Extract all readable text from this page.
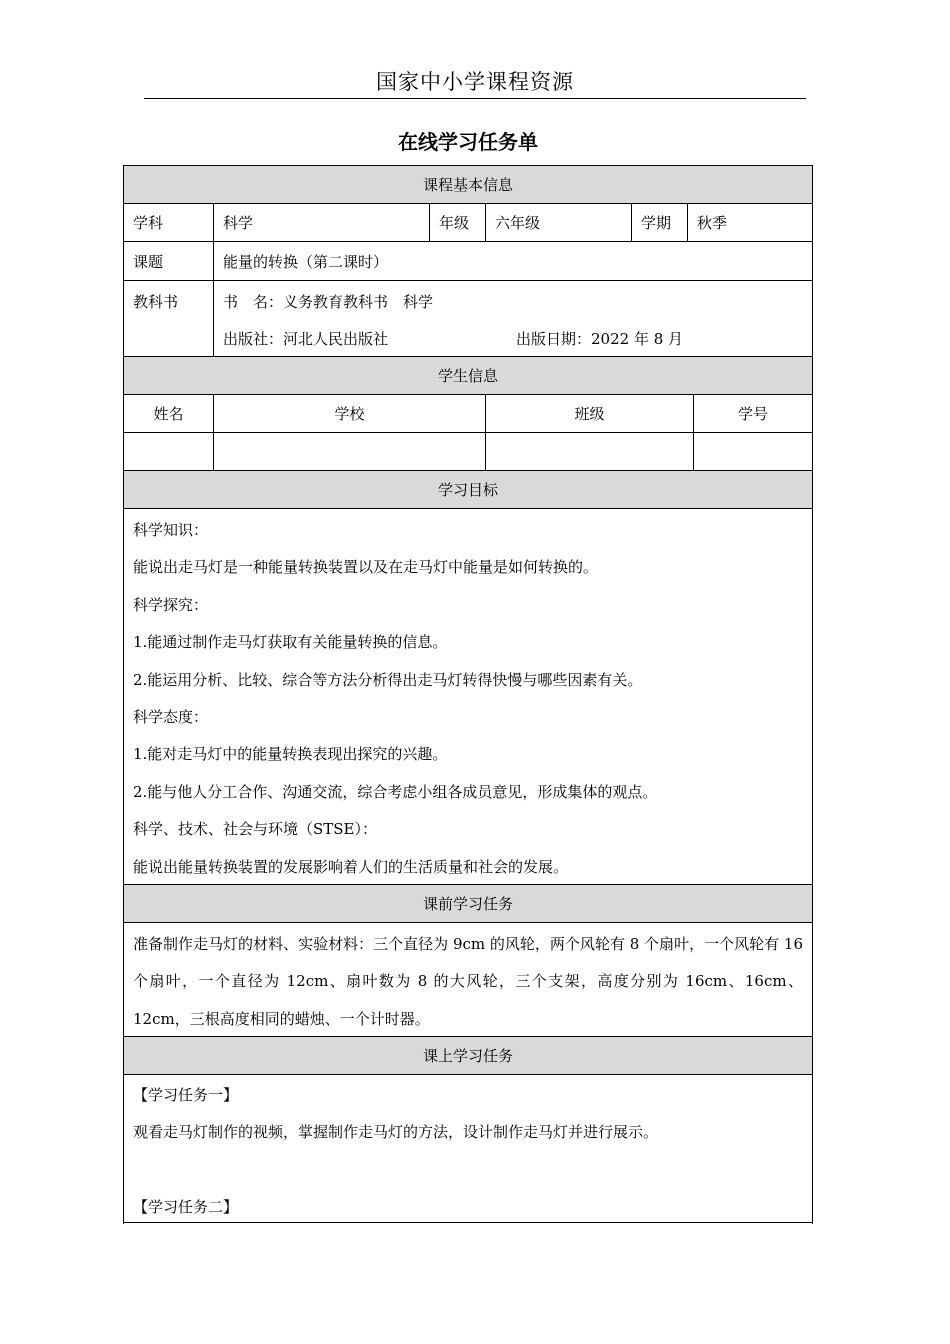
国家中小学课程资源
在线学习任务单
课程基本信息
学科	科学	年级	六年级	学期	秋季
课题	能量的转换（第二课时）
教科书	书　名：义务教育教科书　科学
出版社：河北人民出版社	出版日期：2022 年 8 月
学生信息
姓名	学校	班级	学号
学习目标

科学知识：

能说出走马灯是一种能量转换装置以及在走马灯中能量是如何转换的。

科学探究：

1.能通过制作走马灯获取有关能量转换的信息。

2.能运用分析、比较、综合等方法分析得出走马灯转得快慢与哪些因素有关。

科学态度：

1.能对走马灯中的能量转换表现出探究的兴趣。

2.能与他人分工合作、沟通交流，综合考虑小组各成员意见，形成集体的观点。

科学、技术、社会与环境（STSE）：

能说出能量转换装置的发展影响着人们的生活质量和社会的发展。

课前学习任务

准备制作走马灯的材料、实验材料：三个直径为 9cm 的风轮，两个风轮有 8 个扇叶，一个风轮有 16 个扇叶，一个直径为 12cm、扇叶数为 8 的大风轮，三个支架，高度分别为 16cm、16cm、12cm，三根高度相同的蜡烛、一个计时器。

课上学习任务

【学习任务一】

观看走马灯制作的视频，掌握制作走马灯的方法，设计制作走马灯并进行展示。

【学习任务二】
